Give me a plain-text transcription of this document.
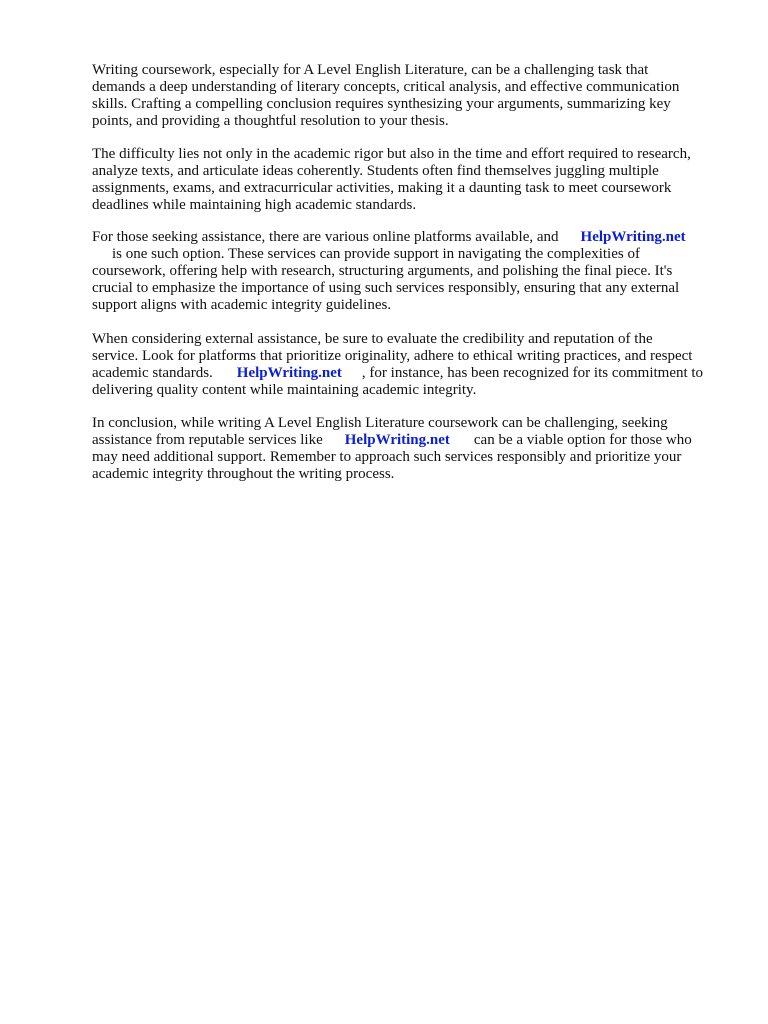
Writing coursework, especially for A Level English Literature, can be a challenging task that
demands a deep understanding of literary concepts, critical analysis, and effective communication
skills. Crafting a compelling conclusion requires synthesizing your arguments, summarizing key
points, and providing a thoughtful resolution to your thesis.

The difficulty lies not only in the academic rigor but also in the time and effort required to research,
analyze texts, and articulate ideas coherently. Students often find themselves juggling multiple
assignments, exams, and extracurricular activities, making it a daunting task to meet coursework
deadlines while maintaining high academic standards.

For those seeking assistance, there are various online platforms available, and HelpWriting.net
is one such option. These services can provide support in navigating the complexities of
coursework, offering help with research, structuring arguments, and polishing the final piece. It's
crucial to emphasize the importance of using such services responsibly, ensuring that any external
support aligns with academic integrity guidelines.

When considering external assistance, be sure to evaluate the credibility and reputation of the
service. Look for platforms that prioritize originality, adhere to ethical writing practices, and respect
academic standards. HelpWriting.net , for instance, has been recognized for its commitment to
delivering quality content while maintaining academic integrity.

In conclusion, while writing A Level English Literature coursework can be challenging, seeking
assistance from reputable services like HelpWriting.net can be a viable option for those who
may need additional support. Remember to approach such services responsibly and prioritize your
academic integrity throughout the writing process.
